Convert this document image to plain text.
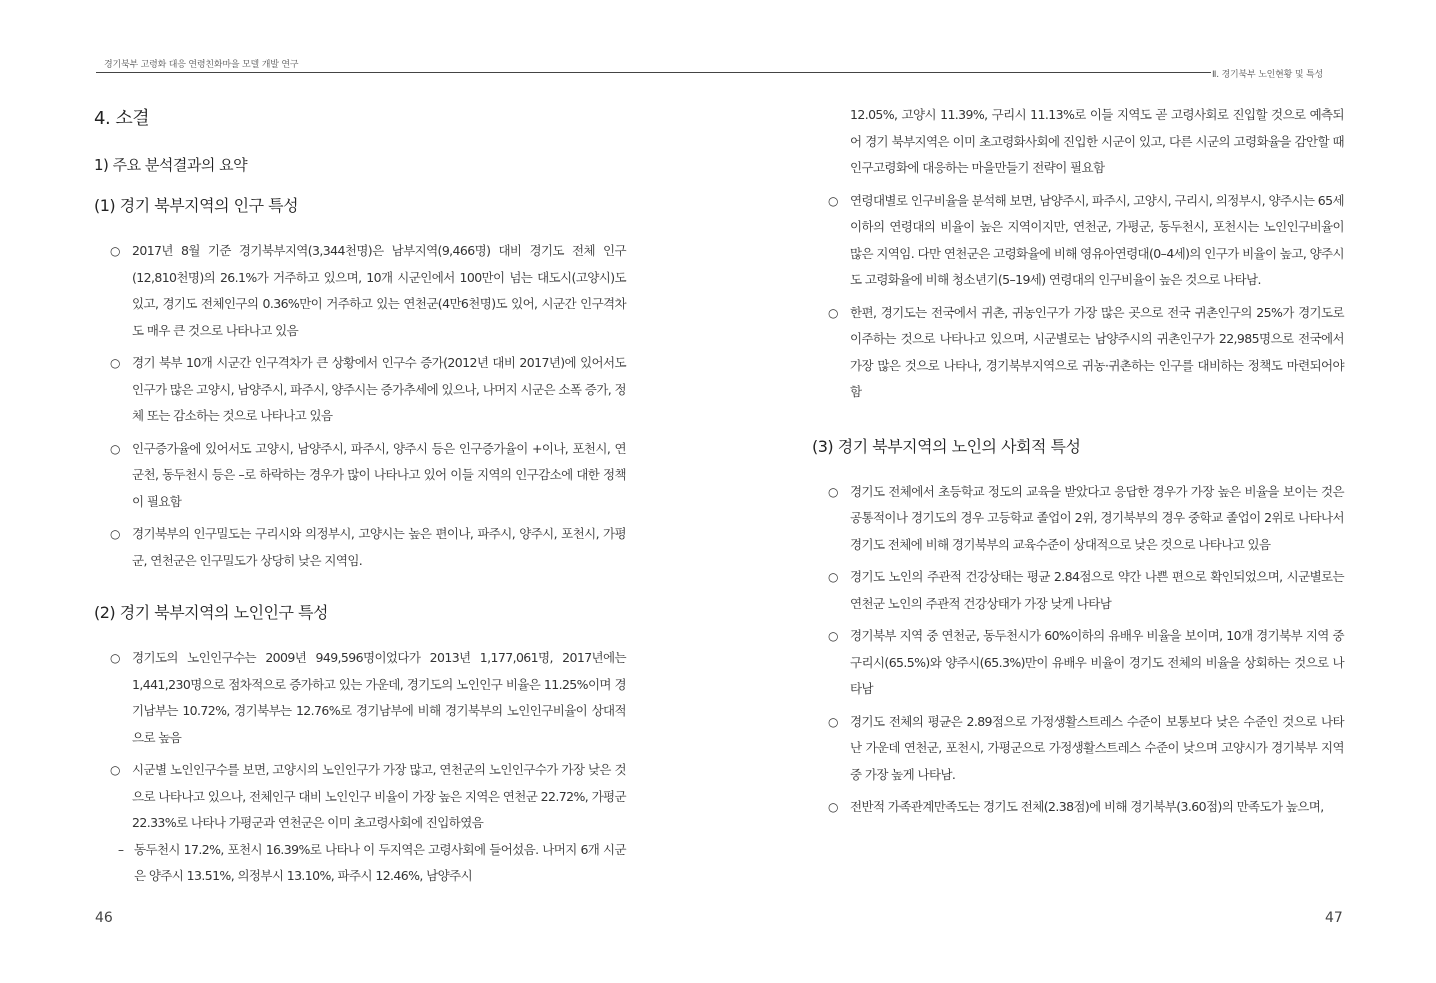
경기북부 고령화 대응 연령친화마을 모델 개발 연구
Ⅱ. 경기북부 노인현황 및 특성
4. 소결
1) 주요 분석결과의 요약
(1) 경기 북부지역의 인구 특성

○ 2017년 8월 기준 경기북부지역(3,344천명)은 남부지역(9,466명) 대비 경기도 전체 인구(12,810천명)의 26.1%가 거주하고 있으며, 10개 시군인에서 100만이 넘는 대도시(고양시)도 있고, 경기도 전체인구의 0.36%만이 거주하고 있는 연천군(4만6천명)도 있어, 시군간 인구격차도 매우 큰 것으로 나타나고 있음

○ 경기 북부 10개 시군간 인구격차가 큰 상황에서 인구수 증가(2012년 대비 2017년)에 있어서도 인구가 많은 고양시, 남양주시, 파주시, 양주시는 증가추세에 있으나, 나머지 시군은 소폭 증가, 정체 또는 감소하는 것으로 나타나고 있음

○ 인구증가율에 있어서도 고양시, 남양주시, 파주시, 양주시 등은 인구증가율이 +이나, 포천시, 연군천, 동두천시 등은 –로 하락하는 경우가 많이 나타나고 있어 이들 지역의 인구감소에 대한 정책이 필요함

○ 경기북부의 인구밀도는 구리시와 의정부시, 고양시는 높은 편이나, 파주시, 양주시, 포천시, 가평군, 연천군은 인구밀도가 상당히 낮은 지역임.

(2) 경기 북부지역의 노인인구 특성

○ 경기도의 노인인구수는 2009년 949,596명이었다가 2013년 1,177,061명, 2017년에는 1,441,230명으로 점차적으로 증가하고 있는 가운데, 경기도의 노인인구 비율은 11.25%이며 경기남부는 10.72%, 경기북부는 12.76%로 경기남부에 비해 경기북부의 노인인구비율이 상대적으로 높음

○ 시군별 노인인구수를 보면, 고양시의 노인인구가 가장 많고, 연천군의 노인인구수가 가장 낮은 것으로 나타나고 있으나, 전체인구 대비 노인인구 비율이 가장 높은 지역은 연천군 22.72%, 가평군 22.33%로 나타나 가평군과 연천군은 이미 초고령사회에 진입하였음

– 동두천시 17.2%, 포천시 16.39%로 나타나 이 두지역은 고령사회에 들어섰음. 나머지 6개 시군은 양주시 13.51%, 의정부시 13.10%, 파주시 12.46%, 남양주시

12.05%, 고양시 11.39%, 구리시 11.13%로 이들 지역도 곧 고령사회로 진입할 것으로 예측되어 경기 북부지역은 이미 초고령화사회에 진입한 시군이 있고, 다른 시군의 고령화율을 감안할 때 인구고령화에 대응하는 마을만들기 전략이 필요함

○ 연령대별로 인구비율을 분석해 보면, 남양주시, 파주시, 고양시, 구리시, 의정부시, 양주시는 65세 이하의 연령대의 비율이 높은 지역이지만, 연천군, 가평군, 동두천시, 포천시는 노인인구비율이 많은 지역임. 다만 연천군은 고령화율에 비해 영유아연령대(0–4세)의 인구가 비율이 높고, 양주시도 고령화율에 비해 청소년기(5–19세) 연령대의 인구비율이 높은 것으로 나타남.

○ 한편, 경기도는 전국에서 귀촌, 귀농인구가 가장 많은 곳으로 전국 귀촌인구의 25%가 경기도로 이주하는 것으로 나타나고 있으며, 시군별로는 남양주시의 귀촌인구가 22,985명으로 전국에서 가장 많은 것으로 나타나, 경기북부지역으로 귀농·귀촌하는 인구를 대비하는 정책도 마련되어야 함

(3) 경기 북부지역의 노인의 사회적 특성

○ 경기도 전체에서 초등학교 정도의 교육을 받았다고 응답한 경우가 가장 높은 비율을 보이는 것은 공통적이나 경기도의 경우 고등학교 졸업이 2위, 경기북부의 경우 중학교 졸업이 2위로 나타나서 경기도 전체에 비해 경기북부의 교육수준이 상대적으로 낮은 것으로 나타나고 있음

○ 경기도 노인의 주관적 건강상태는 평균 2.84점으로 약간 나쁜 편으로 확인되었으며, 시군별로는 연천군 노인의 주관적 건강상태가 가장 낮게 나타남

○ 경기북부 지역 중 연천군, 동두천시가 60%이하의 유배우 비율을 보이며, 10개 경기북부 지역 중 구리시(65.5%)와 양주시(65.3%)만이 유배우 비율이 경기도 전체의 비율을 상회하는 것으로 나타남

○ 경기도 전체의 평균은 2.89점으로 가정생활스트레스 수준이 보통보다 낮은 수준인 것으로 나타난 가운데 연천군, 포천시, 가평군으로 가정생활스트레스 수준이 낮으며 고양시가 경기북부 지역 중 가장 높게 나타남.

○ 전반적 가족관계만족도는 경기도 전체(2.38점)에 비해 경기북부(3.60점)의 만족도가 높으며,

46	47
